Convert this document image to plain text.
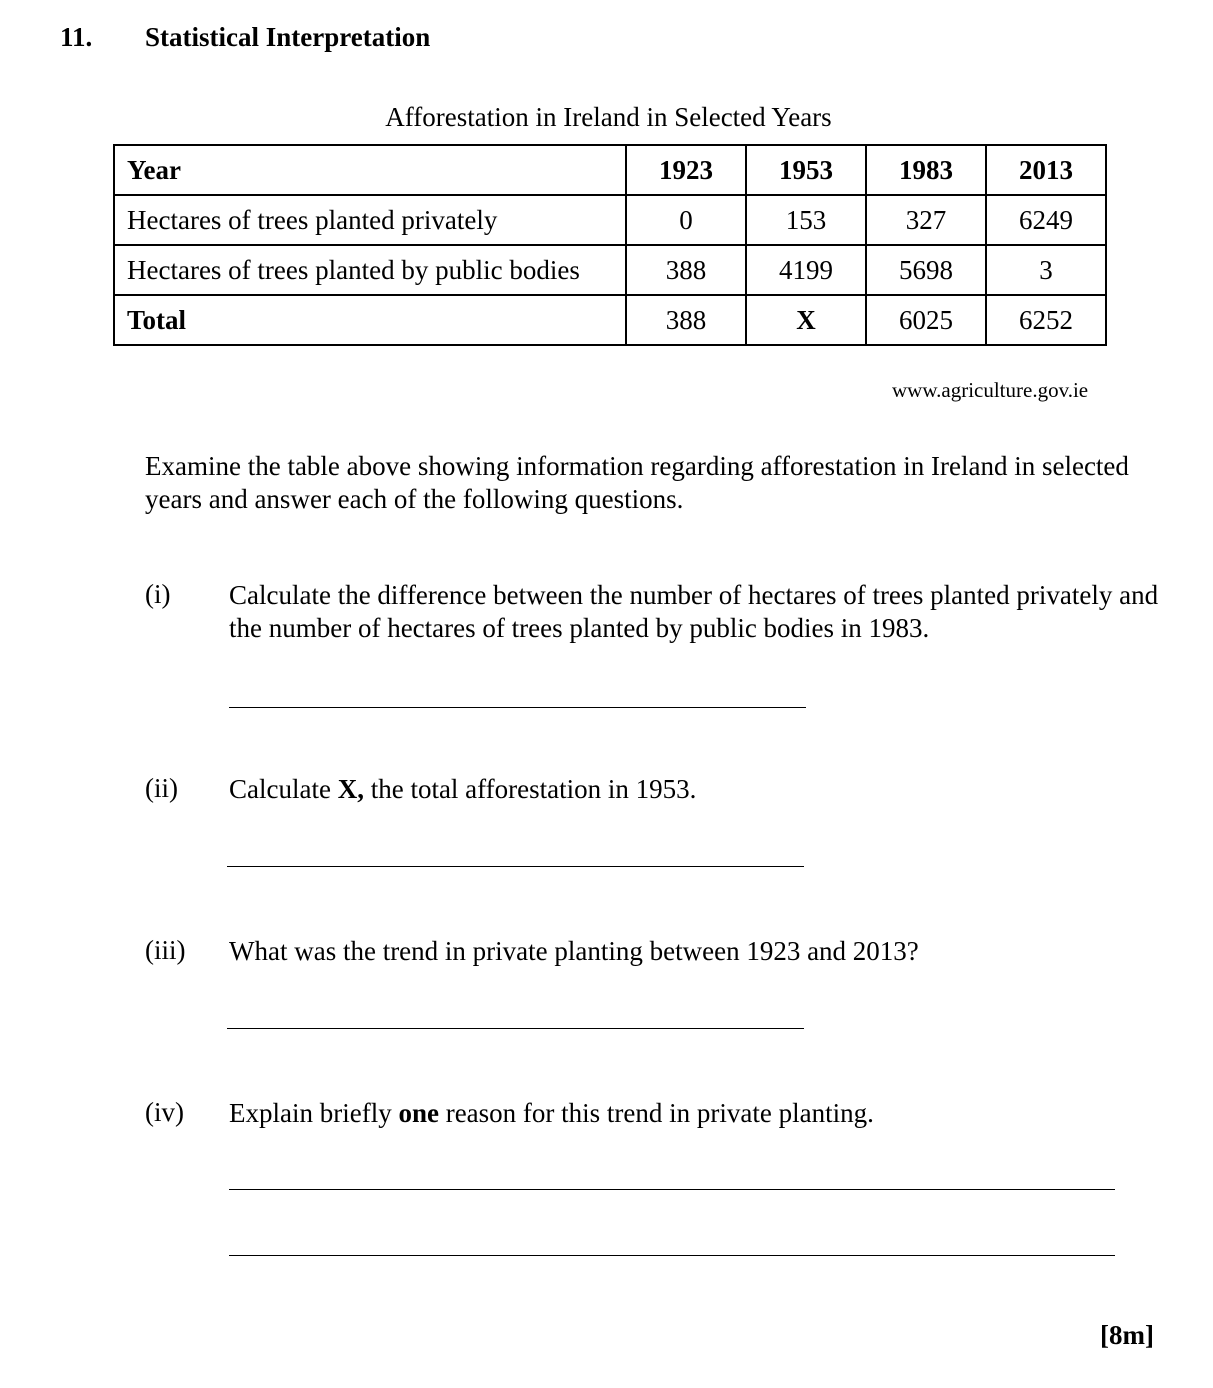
11. Statistical Interpretation
Afforestation in Ireland in Selected Years
Year	1923	1953	1983	2013
Hectares of trees planted privately	0	153	327	6249
Hectares of trees planted by public bodies	388	4199	5698	3
Total	388	X	6025	6252
www.agriculture.gov.ie
Examine the table above showing information regarding afforestation in Ireland in selected years and answer each of the following questions.
(i) Calculate the difference between the number of hectares of trees planted privately and the number of hectares of trees planted by public bodies in 1983.
(ii) Calculate X, the total afforestation in 1953.
(iii) What was the trend in private planting between 1923 and 2013?
(iv) Explain briefly one reason for this trend in private planting.
[8m]
